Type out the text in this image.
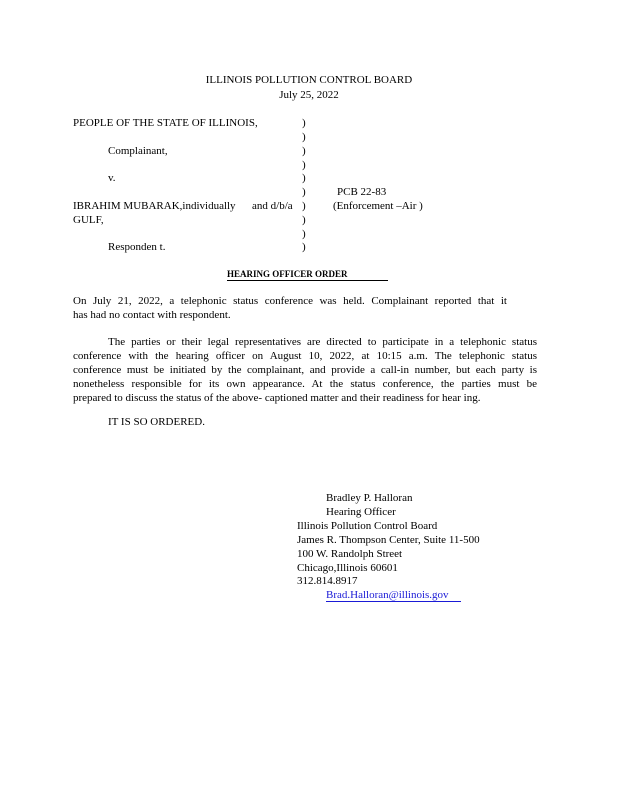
ILLINOIS POLLUTION CONTROL BOARD
July 25, 2022
PEOPLE OF THE STATE OF ILLINOIS,
Complainant,
v.
IBRAHIM MUBARAK,individually and d/b/a
GULF,
Responden t.
)
)
)
)
)
)
)
)
)
)
PCB 22-83
(Enforcement –Air )
HEARING OFFICER ORDER
On July 21, 2022, a telephonic status conference was held. Complainant reported that it
has had no contact with respondent.
The parties or their legal representatives are directed to participate in a telephonic status
conference with the hearing officer on August 10, 2022, at 10:15 a.m. The telephonic status
conference must be initiated by the complainant, and provide a call-in number, but each party is
nonetheless responsible for its own appearance. At the status conference, the parties must be
prepared to discuss the status of the above- captioned matter and their readiness for hear ing.
IT IS SO ORDERED.
Bradley P. Halloran
Hearing Officer
Illinois Pollution Control Board
James R. Thompson Center, Suite 11-500
100 W. Randolph Street
Chicago,Illinois 60601
312.814.8917
Brad.Halloran@illinois.gov
